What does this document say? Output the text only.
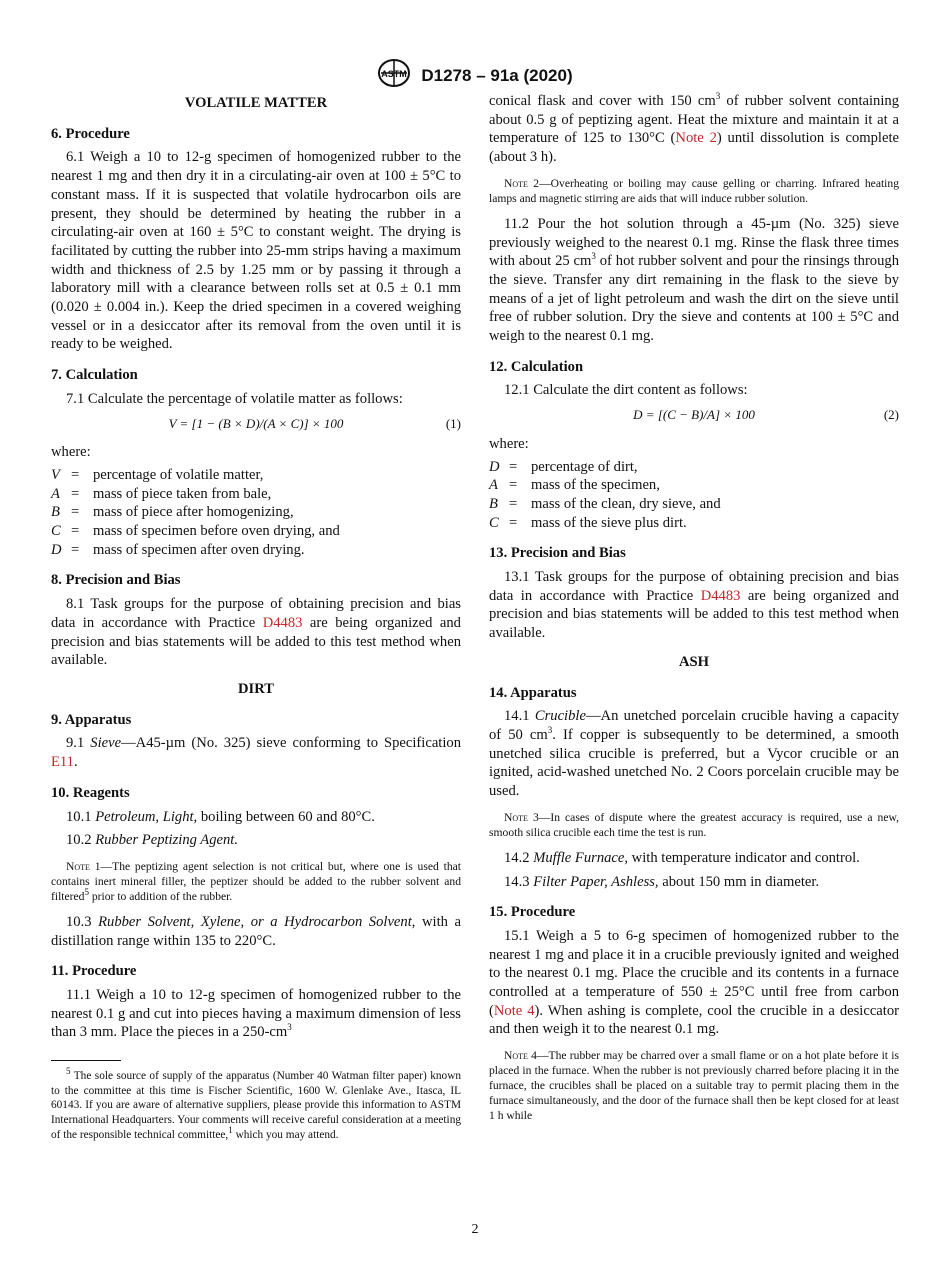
ASTM D1278 – 91a (2020)
VOLATILE MATTER
6. Procedure

6.1 Weigh a 10 to 12-g specimen of homogenized rubber to the nearest 1 mg and then dry it in a circulating-air oven at 100 ± 5°C to constant mass. If it is suspected that volatile hydrocarbon oils are present, they should be determined by heating the rubber in a circulating-air oven at 160 ± 5°C to constant weight. The drying is facilitated by cutting the rubber into 25-mm strips having a maximum width and thickness of 2.5 by 1.25 mm or by passing it through a laboratory mill with a clearance between rolls set at 0.5 ± 0.1 mm (0.020 ± 0.004 in.). Keep the dried specimen in a covered weighing vessel or in a desiccator after its removal from the oven until it is ready to be weighed.

7. Calculation

7.1 Calculate the percentage of volatile matter as follows:

V = [1 − (B × D)/(A × C)] × 100	(1)

where:

V = percentage of volatile matter,
A = mass of piece taken from bale,
B = mass of piece after homogenizing,
C = mass of specimen before oven drying, and
D = mass of specimen after oven drying.
8. Precision and Bias

8.1 Task groups for the purpose of obtaining precision and bias data in accordance with Practice D4483 are being organized and precision and bias statements will be added to this test method when available.

DIRT
9. Apparatus

9.1 Sieve—A45-µm (No. 325) sieve conforming to Specification E11.

10. Reagents

10.1 Petroleum, Light, boiling between 60 and 80°C.

10.2 Rubber Peptizing Agent.

Note 1—The peptizing agent selection is not critical but, where one is used that contains inert mineral filler, the peptizer should be added to the rubber solvent and filtered$^5$ prior to addition of the rubber.

10.3 Rubber Solvent, Xylene, or a Hydrocarbon Solvent, with a distillation range within 135 to 220°C.

11. Procedure

11.1 Weigh a 10 to 12-g specimen of homogenized rubber to the nearest 0.1 g and cut into pieces having a maximum dimension of less than 3 mm. Place the pieces in a $250-cm^3$

$^5$ The sole source of supply of the apparatus (Number 40 Watman filter paper) known to the committee at this time is Fischer Scientific, 1600 W. Glenlake Ave., Itasca, IL 60143. If you are aware of alternative suppliers, please provide this information to ASTM International Headquarters. Your comments will receive careful consideration at a meeting of the responsible technical committee,$^1$ which you may attend.

conical flask and cover with 150 $cm^3$ of rubber solvent containing about 0.5 g of peptizing agent. Heat the mixture and maintain it at a temperature of 125 to 130°C (Note 2) until dissolution is complete (about 3 h).

Note 2—Overheating or boiling may cause gelling or charring. Infrared heating lamps and magnetic stirring are aids that will induce rubber solution.

11.2 Pour the hot solution through a 45-µm (No. 325) sieve previously weighed to the nearest 0.1 mg. Rinse the flask three times with about 25 $cm^3$ of hot rubber solvent and pour the rinsings through the sieve. Transfer any dirt remaining in the flask to the sieve by means of a jet of light petroleum and wash the dirt on the sieve until free of rubber solution. Dry the sieve and contents at 100 ± 5°C and weigh to the nearest 0.1 mg.

12. Calculation

12.1 Calculate the dirt content as follows:

D = [(C − B)/A] × 100	(2)

where:

D = percentage of dirt,
A = mass of the specimen,
B = mass of the clean, dry sieve, and
C = mass of the sieve plus dirt.
13. Precision and Bias

13.1 Task groups for the purpose of obtaining precision and bias data in accordance with Practice D4483 are being organized and precision and bias statements will be added to this test method when available.

ASH
14. Apparatus

14.1 Crucible—An unetched porcelain crucible having a capacity of 50 $cm^3$. If copper is subsequently to be determined, a smooth unetched silica crucible is preferred, but a Vycor crucible or an ignited, acid-washed unetched No. 2 Coors porcelain crucible may be used.

Note 3—In cases of dispute where the greatest accuracy is required, use a new, smooth silica crucible each time the test is run.

14.2 Muffle Furnace, with temperature indicator and control.

14.3 Filter Paper, Ashless, about 150 mm in diameter.

15. Procedure

15.1 Weigh a 5 to 6-g specimen of homogenized rubber to the nearest 1 mg and place it in a crucible previously ignited and weighed to the nearest 0.1 mg. Place the crucible and its contents in a furnace controlled at a temperature of 550 ± 25°C until free from carbon (Note 4). When ashing is complete, cool the crucible in a desiccator and then weigh it to the nearest 0.1 mg.

Note 4—The rubber may be charred over a small flame or on a hot plate before it is placed in the furnace. When the rubber is not previously charred before placing it in the furnace, the crucibles shall be placed on a suitable tray to permit placing them in the furnace simultaneously, and the door of the furnace shall then be kept closed for at least 1 h while

2
